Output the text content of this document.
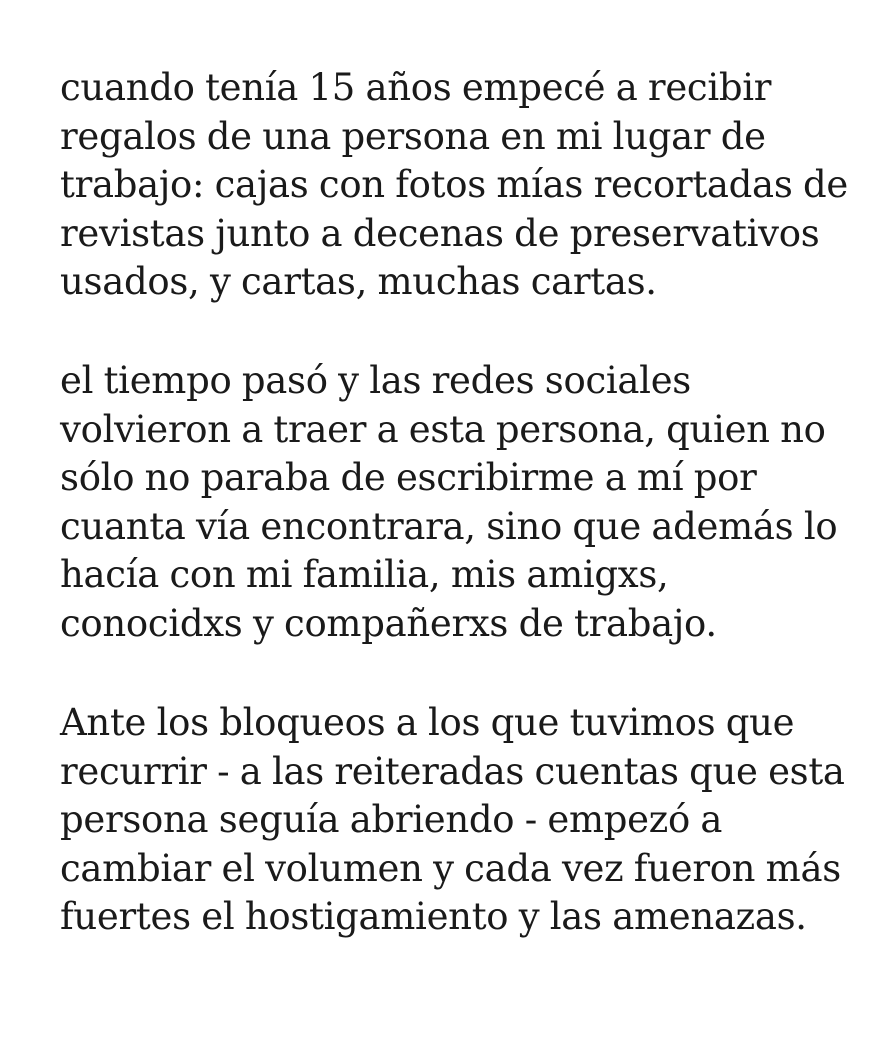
cuando tenía 15 años empecé a recibir
regalos de una persona en mi lugar de
trabajo: cajas con fotos mías recortadas de
revistas junto a decenas de preservativos
usados, y cartas, muchas cartas.
el tiempo pasó y las redes sociales
volvieron a traer a esta persona, quien no
sólo no paraba de escribirme a mí por
cuanta vía encontrara, sino que además lo
hacía con mi familia, mis amigxs,
conocidxs y compañerxs de trabajo.
Ante los bloqueos a los que tuvimos que
recurrir - a las reiteradas cuentas que esta
persona seguía abriendo - empezó a
cambiar el volumen y cada vez fueron más
fuertes el hostigamiento y las amenazas.
